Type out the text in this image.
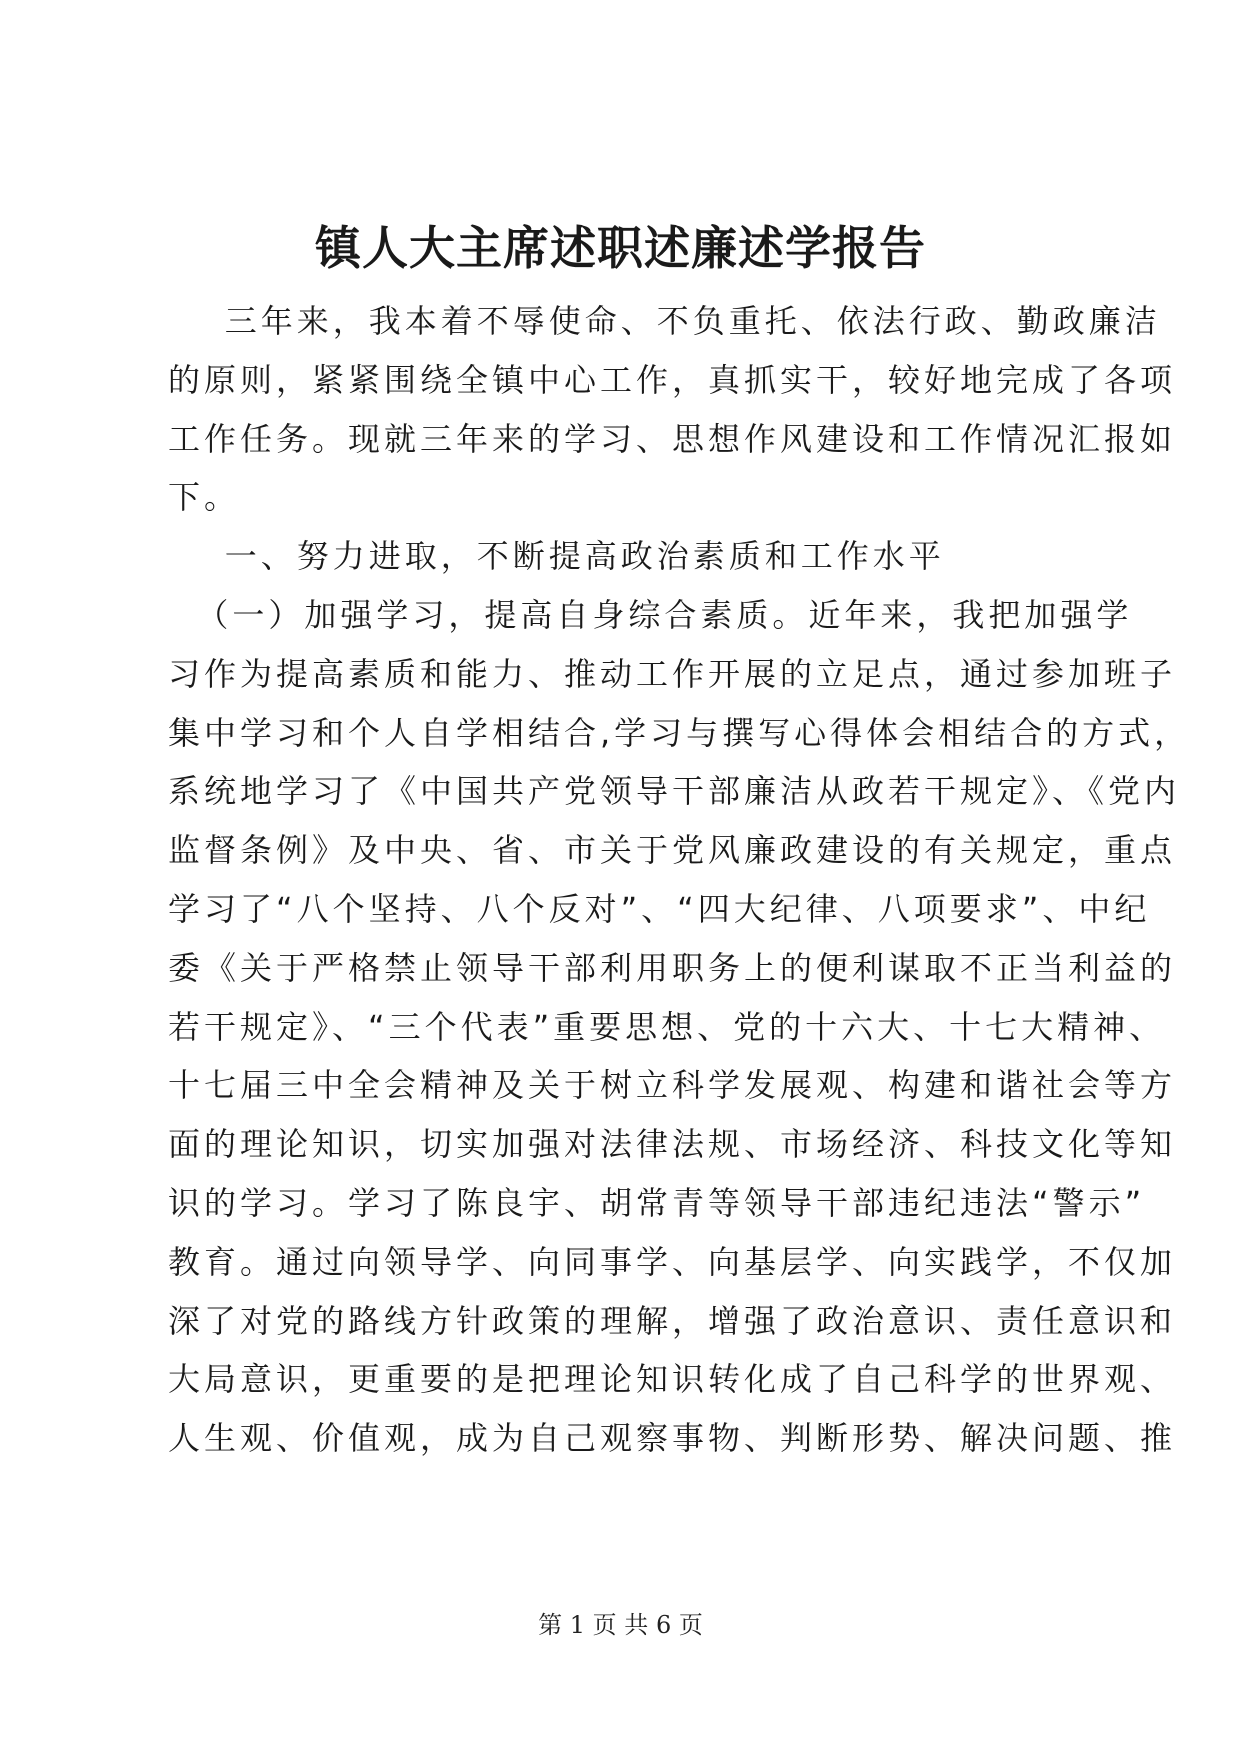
镇人大主席述职述廉述学报告
三年来，我本着不辱使命、不负重托、依法行政、勤政廉洁
的原则，紧紧围绕全镇中心工作，真抓实干，较好地完成了各项
工作任务。现就三年来的学习、思想作风建设和工作情况汇报如
下。
一、努力进取，不断提高政治素质和工作水平
（一）加强学习，提高自身综合素质。近年来，我把加强学
习作为提高素质和能力、推动工作开展的立足点，通过参加班子
集中学习和个人自学相结合,学习与撰写心得体会相结合的方式，
系统地学习了《中国共产党领导干部廉洁从政若干规定》、《党内
监督条例》及中央、省、市关于党风廉政建设的有关规定，重点
学习了“八个坚持、八个反对”、“四大纪律、八项要求”、中纪
委《关于严格禁止领导干部利用职务上的便利谋取不正当利益的
若干规定》、“三个代表”重要思想、党的十六大、十七大精神、
十七届三中全会精神及关于树立科学发展观、构建和谐社会等方
面的理论知识，切实加强对法律法规、市场经济、科技文化等知
识的学习。学习了陈良宇、胡常青等领导干部违纪违法“警示”
教育。通过向领导学、向同事学、向基层学、向实践学，不仅加
深了对党的路线方针政策的理解，增强了政治意识、责任意识和
大局意识，更重要的是把理论知识转化成了自己科学的世界观、
人生观、价值观，成为自己观察事物、判断形势、解决问题、推
第 1 页 共 6 页
